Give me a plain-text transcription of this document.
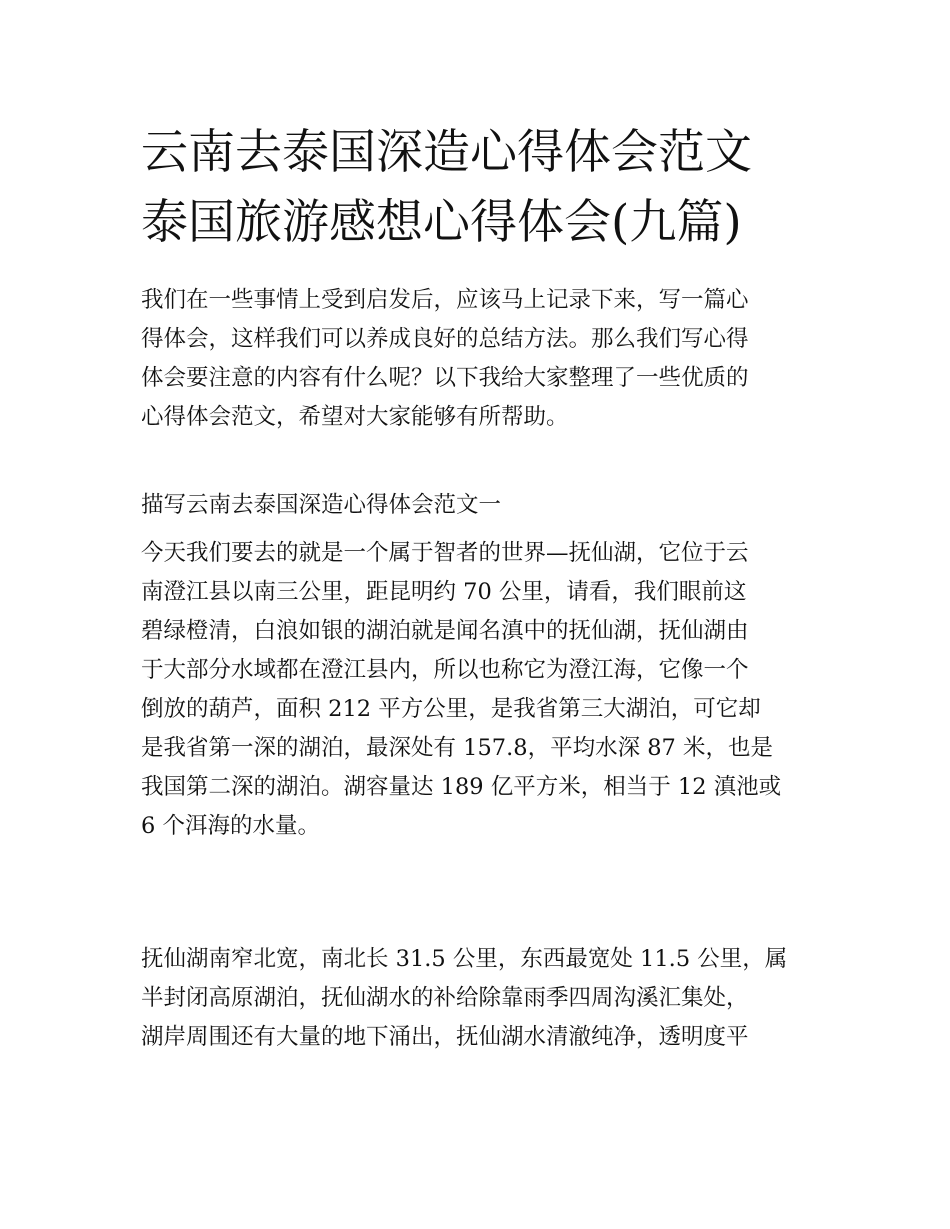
云南去泰国深造心得体会范文
泰国旅游感想心得体会(九篇)
我们在一些事情上受到启发后，应该马上记录下来，写一篇心
得体会，这样我们可以养成良好的总结方法。那么我们写心得
体会要注意的内容有什么呢？以下我给大家整理了一些优质的
心得体会范文，希望对大家能够有所帮助。
描写云南去泰国深造心得体会范文一
今天我们要去的就是一个属于智者的世界—抚仙湖，它位于云
南澄江县以南三公里，距昆明约 70 公里，请看，我们眼前这
碧绿橙清，白浪如银的湖泊就是闻名滇中的抚仙湖，抚仙湖由
于大部分水域都在澄江县内，所以也称它为澄江海，它像一个
倒放的葫芦，面积 212 平方公里，是我省第三大湖泊，可它却
是我省第一深的湖泊，最深处有 157.8，平均水深 87 米，也是
我国第二深的湖泊。湖容量达 189 亿平方米，相当于 12 滇池或
6 个洱海的水量。
抚仙湖南窄北宽，南北长 31.5 公里，东西最宽处 11.5 公里，属
半封闭高原湖泊，抚仙湖水的补给除靠雨季四周沟溪汇集处，
湖岸周围还有大量的地下涌出，抚仙湖水清澈纯净，透明度平
